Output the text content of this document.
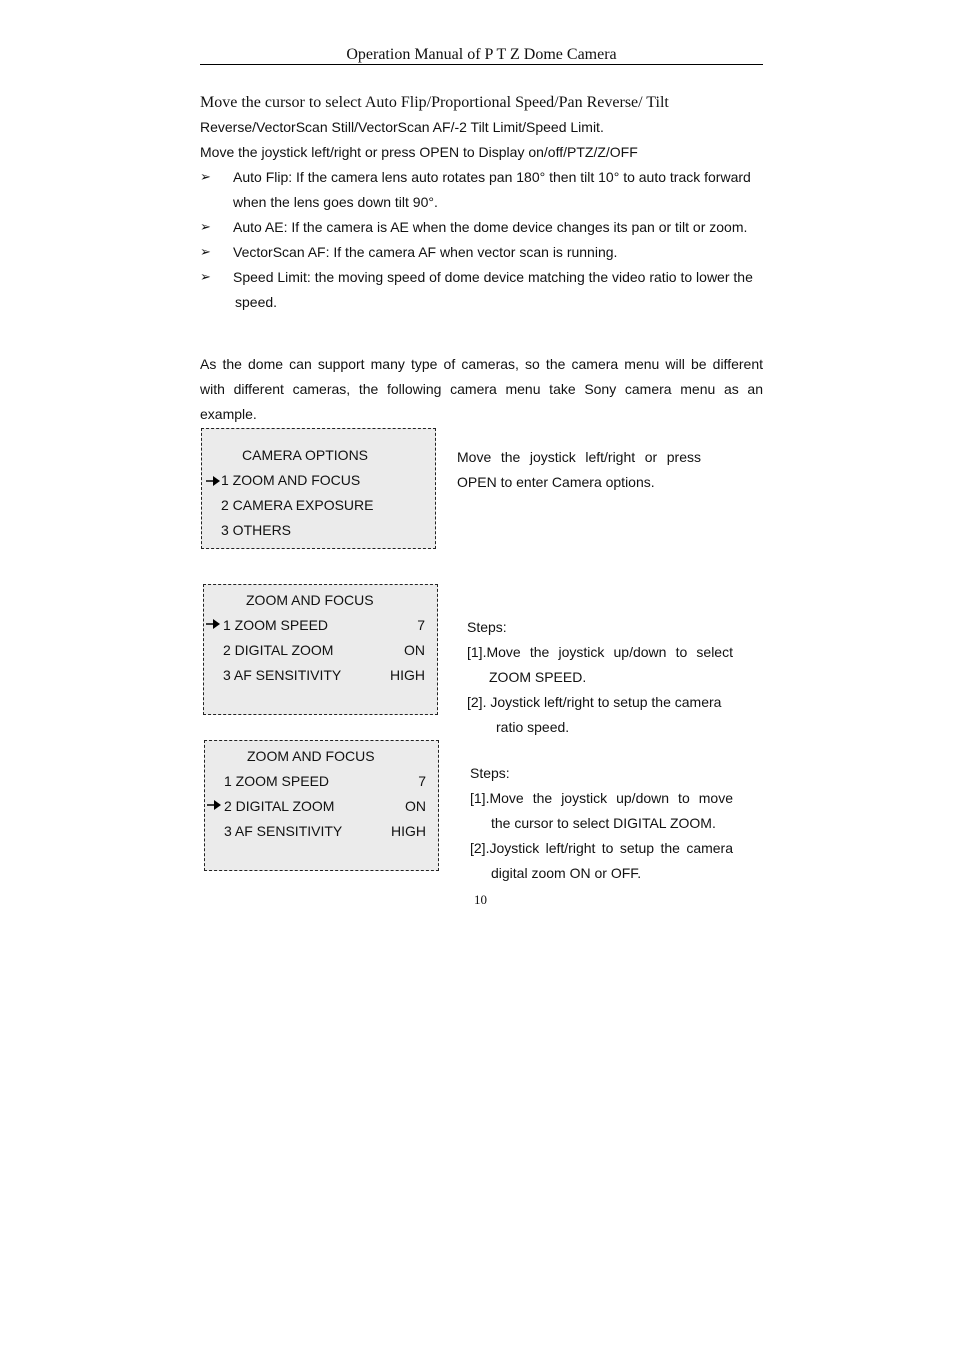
Operation Manual of P T Z Dome Camera
Move the cursor to select Auto Flip/Proportional Speed/Pan Reverse/ Tilt
Reverse/VectorScan Still/VectorScan AF/-2 Tilt Limit/Speed Limit.
Move the joystick left/right or press OPEN to Display on/off/PTZ/Z/OFF
➢ Auto Flip: If the camera lens auto rotates pan 180° then tilt 10° to auto track forward
when the lens goes down tilt 90°.
➢ Auto AE: If the camera is AE when the dome device changes its pan or tilt or zoom.
➢ VectorScan AF: If the camera AF when vector scan is running.
➢ Speed Limit: the moving speed of dome device matching the video ratio to lower the
speed.
As the dome can support many type of cameras, so the camera menu will be different
with different cameras, the following camera menu take Sony camera menu as an
example.
CAMERA OPTIONS
1 ZOOM AND FOCUS
2 CAMERA EXPOSURE
3 OTHERS
Move the joystick left/right or press
OPEN to enter Camera options.
ZOOM AND FOCUS
1 ZOOM SPEED	7
2 DIGITAL ZOOM	ON
3 AF SENSITIVITY	HIGH
Steps:
[1].Move the joystick up/down to select
ZOOM SPEED.
[2]. Joystick left/right to setup the camera
ratio speed.
ZOOM AND FOCUS
1 ZOOM SPEED	7
2 DIGITAL ZOOM	ON
3 AF SENSITIVITY	HIGH
Steps:
[1].Move the joystick up/down to move
the cursor to select DIGITAL ZOOM.
[2].Joystick left/right to setup the camera
digital zoom ON or OFF.
10
